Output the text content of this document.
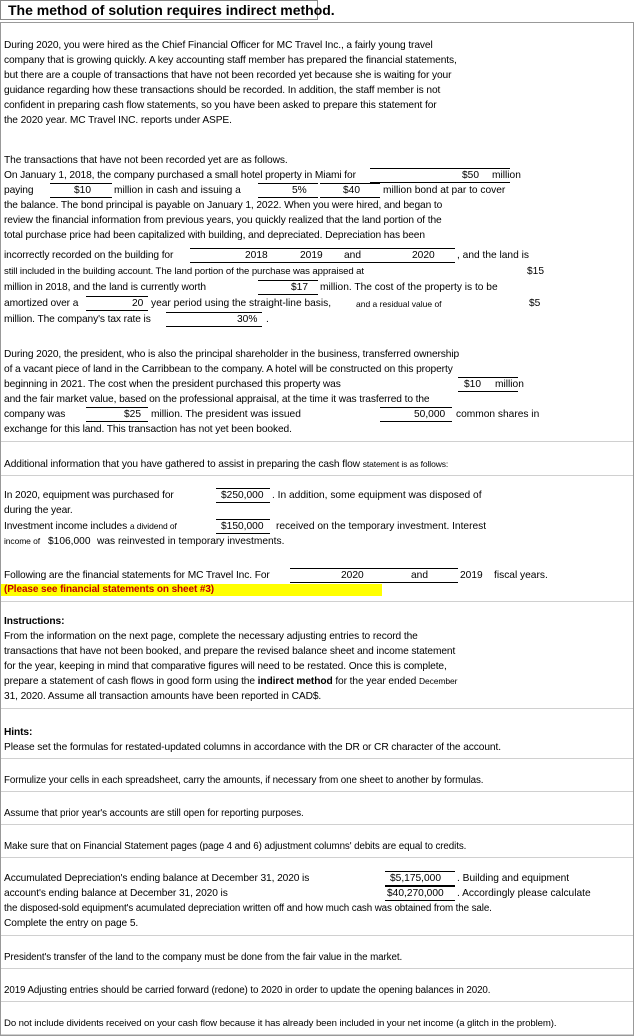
The method of solution requires indirect method.
During 2020, you were hired as the Chief Financial Officer for MC Travel Inc., a fairly young travel
company that is growing quickly. A key accounting staff member has prepared the financial statements,
but there are a couple of transactions that have not been recorded yet because she is waiting for your
guidance regarding how these transactions should be recorded. In addition, the staff member is not
confident in preparing cash flow statements, so you have been asked to prepare this statement for
the 2020 year. MC Travel INC. reports under ASPE.
The transactions that have not been recorded yet are as follows.
On January 1, 2018, the company purchased a small hotel property in Miami for	$50 million
paying	$10 million in cash and issuing a	5%	$40 million bond at par to cover
the balance. The bond principal is payable on January 1, 2022. When you were hired, and began to
review the financial information from previous years, you quickly realized that the land portion of the
total purchase price had been capitalized with building, and depreciated. Depreciation has been
incorrectly recorded on the building for	2018	2019 and	2020 , and the land is
still included in the building account. The land portion of the purchase was appraised at	$15
million in 2018, and the land is currently worth	$17 million. The cost of the property is to be
amortized over a	20 year period using the straight-line basis,	and a residual value of	$5
million. The company's tax rate is	30% .
During 2020, the president, who is also the principal shareholder in the business, transferred ownership
of a vacant piece of land in the Carribbean to the company. A hotel will be constructed on this property
beginning in 2021. The cost when the president purchased this property was	$10 million
and the fair market value, based on the professional appraisal, at the time it was trasferred to the
company was	$25 million. The president was issued	50,000 common shares in
exchange for this land. This transaction has not yet been booked.
Additional information that you have gathered to assist in preparing the cash flow statement is as follows:
In 2020, equipment was purchased for	$250,000 . In addition, some equipment was disposed of
during the year.
Investment income includes a dividend of	$150,000 received on the temporary investment. Interest
income of $106,000 was reinvested in temporary investments.
Following are the financial statements for MC Travel Inc. For	2020	and	2019 fiscal years.
(Please see financial statements on sheet #3)
Instructions:
From the information on the next page, complete the necessary adjusting entries to record the
transactions that have not been booked, and prepare the revised balance sheet and income statement
for the year, keeping in mind that comparative figures will need to be restated. Once this is complete,
prepare a statement of cash flows in good form using the indirect method for the year ended December
31, 2020. Assume all transaction amounts have been reported in CAD$.
Hints:
Please set the formulas for restated-updated columns in accordance with the DR or CR character of the account.
Formulize your cells in each spreadsheet, carry the amounts, if necessary from one sheet to another by formulas.
Assume that prior year's accounts are still open for reporting purposes.
Make sure that on Financial Statement pages (page 4 and 6) adjustment columns' debits are equal to credits.
Accumulated Depreciation's ending balance at December 31, 2020 is	$5,175,000 . Building and equipment
account's ending balance at December 31, 2020 is	$40,270,000 . Accordingly please calculate
the disposed-sold equipment's acumulated depreciation written off and how much cash was obtained from the sale.
Complete the entry on page 5.
President's transfer of the land to the company must be done from the fair value in the market.
2019 Adjusting entries should be carried forward (redone) to 2020 in order to update the opening balances in 2020.
Do not include dividents received on your cash flow because it has already been included in your net income (a glitch in the problem).
